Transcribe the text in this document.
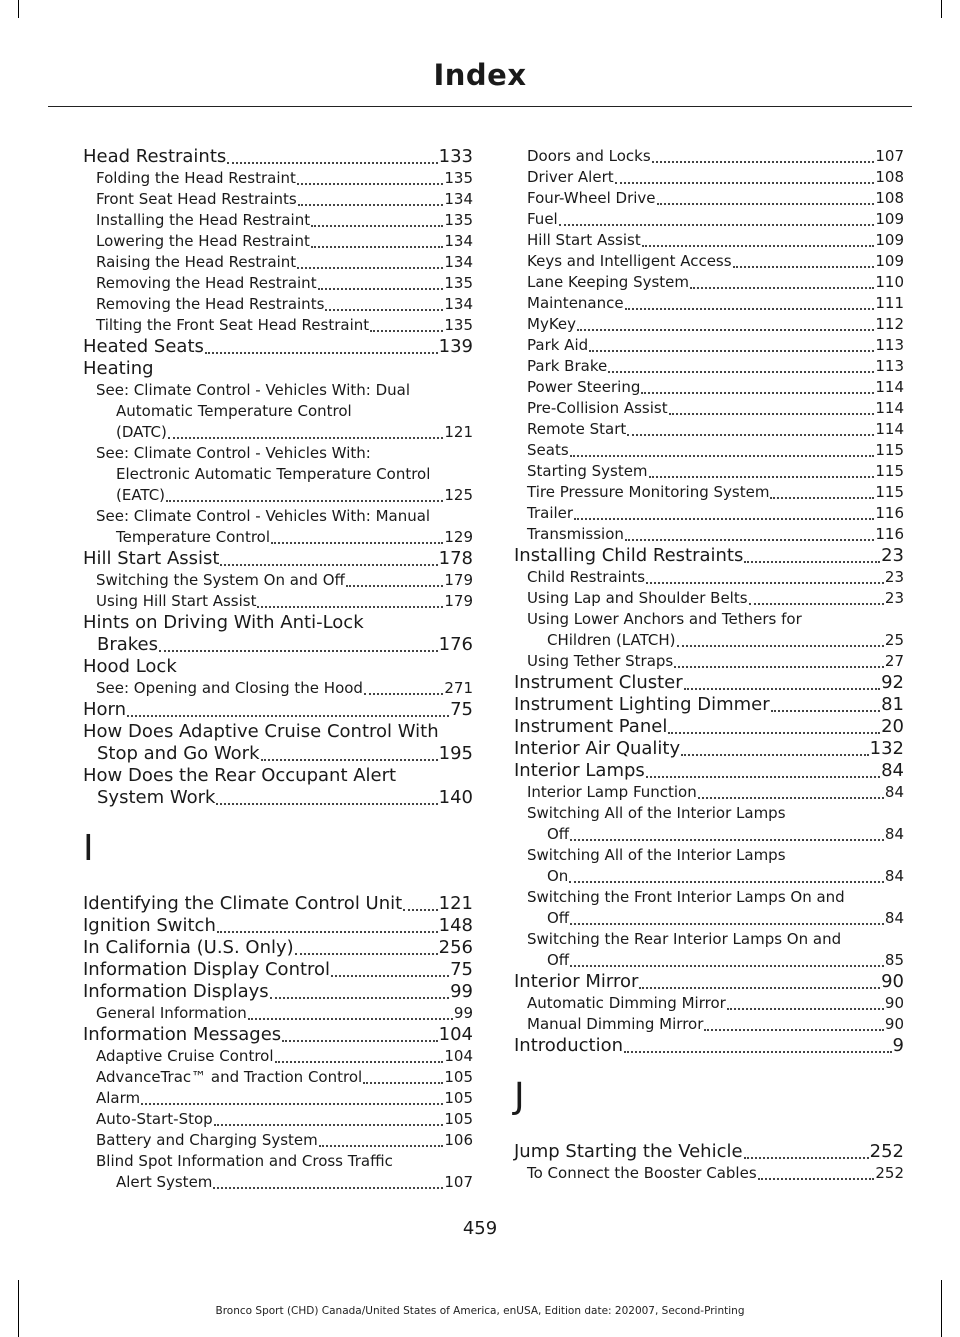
Index
Head Restraints	133
Folding the Head Restraint	135
Front Seat Head Restraints	134
Installing the Head Restraint	135
Lowering the Head Restraint	134
Raising the Head Restraint	134
Removing the Head Restraint	135
Removing the Head Restraints	134
Tilting the Front Seat Head Restraint	135
Heated Seats	139
Heating
See: Climate Control - Vehicles With: Dual
Automatic Temperature Control
(DATC)	121
See: Climate Control - Vehicles With:
Electronic Automatic Temperature Control
(EATC)	125
See: Climate Control - Vehicles With: Manual
Temperature Control	129
Hill Start Assist	178
Switching the System On and Off	179
Using Hill Start Assist	179
Hints on Driving With Anti-Lock
Brakes	176
Hood Lock
See: Opening and Closing the Hood	271
Horn	75
How Does Adaptive Cruise Control With
Stop and Go Work	195
How Does the Rear Occupant Alert
System Work	140
I
Identifying the Climate Control Unit 121
Ignition Switch	148
In California (U.S. Only)	256
Information Display Control	75
Information Displays	99
General Information	99
Information Messages	104
Adaptive Cruise Control	104
AdvanceTrac™ and Traction Control	105
Alarm	105
Auto-Start-Stop	105
Battery and Charging System	106
Blind Spot Information and Cross Traffic
Alert System	107
Doors and Locks	107
Driver Alert	108
Four-Wheel Drive	108
Fuel	109
Hill Start Assist	109
Keys and Intelligent Access	109
Lane Keeping System	110
Maintenance	111
MyKey	112
Park Aid	113
Park Brake	113
Power Steering	114
Pre-Collision Assist	114
Remote Start	114
Seats	115
Starting System	115
Tire Pressure Monitoring System	115
Trailer	116
Transmission	116
Installing Child Restraints	23
Child Restraints	23
Using Lap and Shoulder Belts	23
Using Lower Anchors and Tethers for
CHildren (LATCH)	25
Using Tether Straps	27
Instrument Cluster	92
Instrument Lighting Dimmer	81
Instrument Panel	20
Interior Air Quality	132
Interior Lamps	84
Interior Lamp Function	84
Switching All of the Interior Lamps
Off	84
Switching All of the Interior Lamps
On	84
Switching the Front Interior Lamps On and
Off	84
Switching the Rear Interior Lamps On and
Off	85
Interior Mirror	90
Automatic Dimming Mirror	90
Manual Dimming Mirror	90
Introduction	9
J
Jump Starting the Vehicle	252
To Connect the Booster Cables	252
459
Bronco Sport (CHD) Canada/United States of America, enUSA, Edition date: 202007, Second-Printing
